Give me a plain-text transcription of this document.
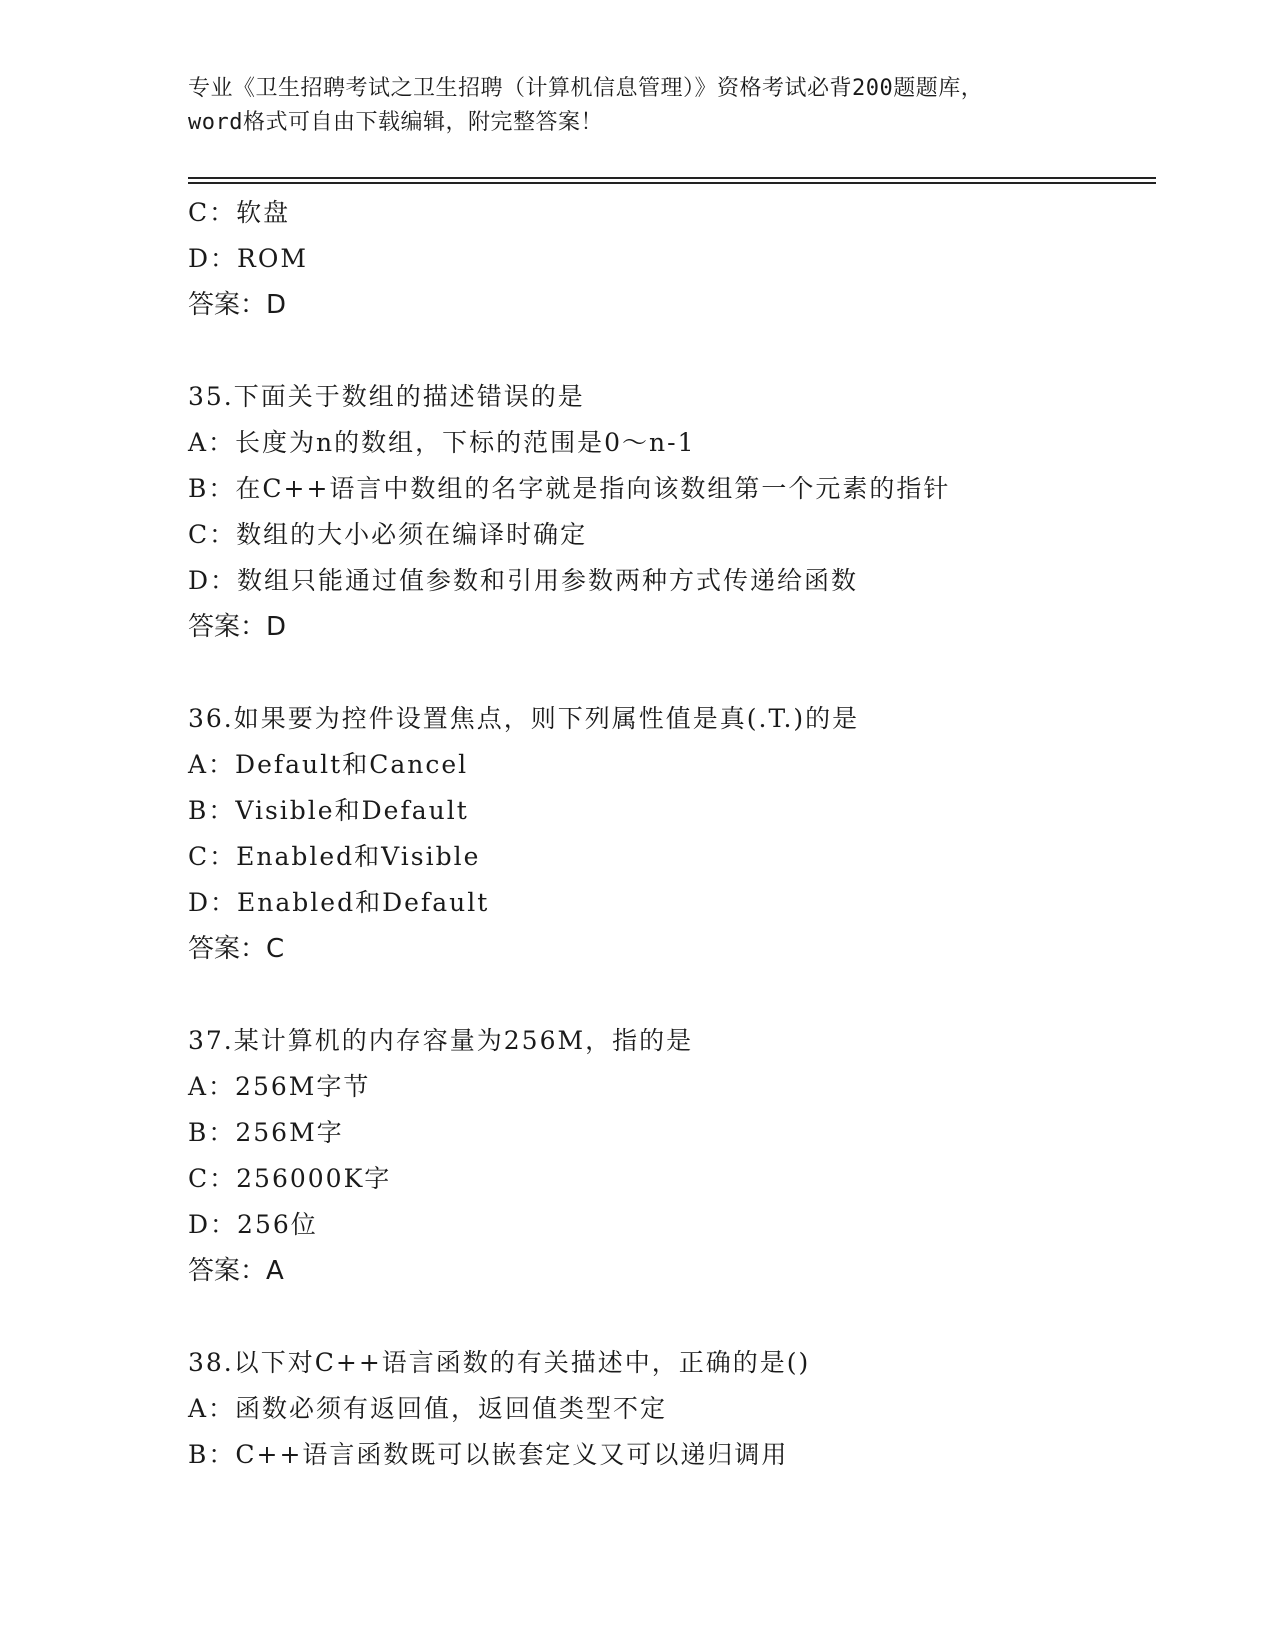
专业《卫生招聘考试之卫生招聘（计算机信息管理）》资格考试必背200题题库，
word格式可自由下载编辑，附完整答案！
C：软盘
D：ROM
答案：D
35.下面关于数组的描述错误的是
A：长度为n的数组，下标的范围是0～n-1
B：在C++语言中数组的名字就是指向该数组第一个元素的指针
C：数组的大小必须在编译时确定
D：数组只能通过值参数和引用参数两种方式传递给函数
答案：D
36.如果要为控件设置焦点，则下列属性值是真(.T.)的是
A：Default和Cancel
B：Visible和Default
C：Enabled和Visible
D：Enabled和Default
答案：C
37.某计算机的内存容量为256M，指的是
A：256M字节
B：256M字
C：256000K字
D：256位
答案：A
38.以下对C++语言函数的有关描述中，正确的是()
A：函数必须有返回值，返回值类型不定
B：C++语言函数既可以嵌套定义又可以递归调用
